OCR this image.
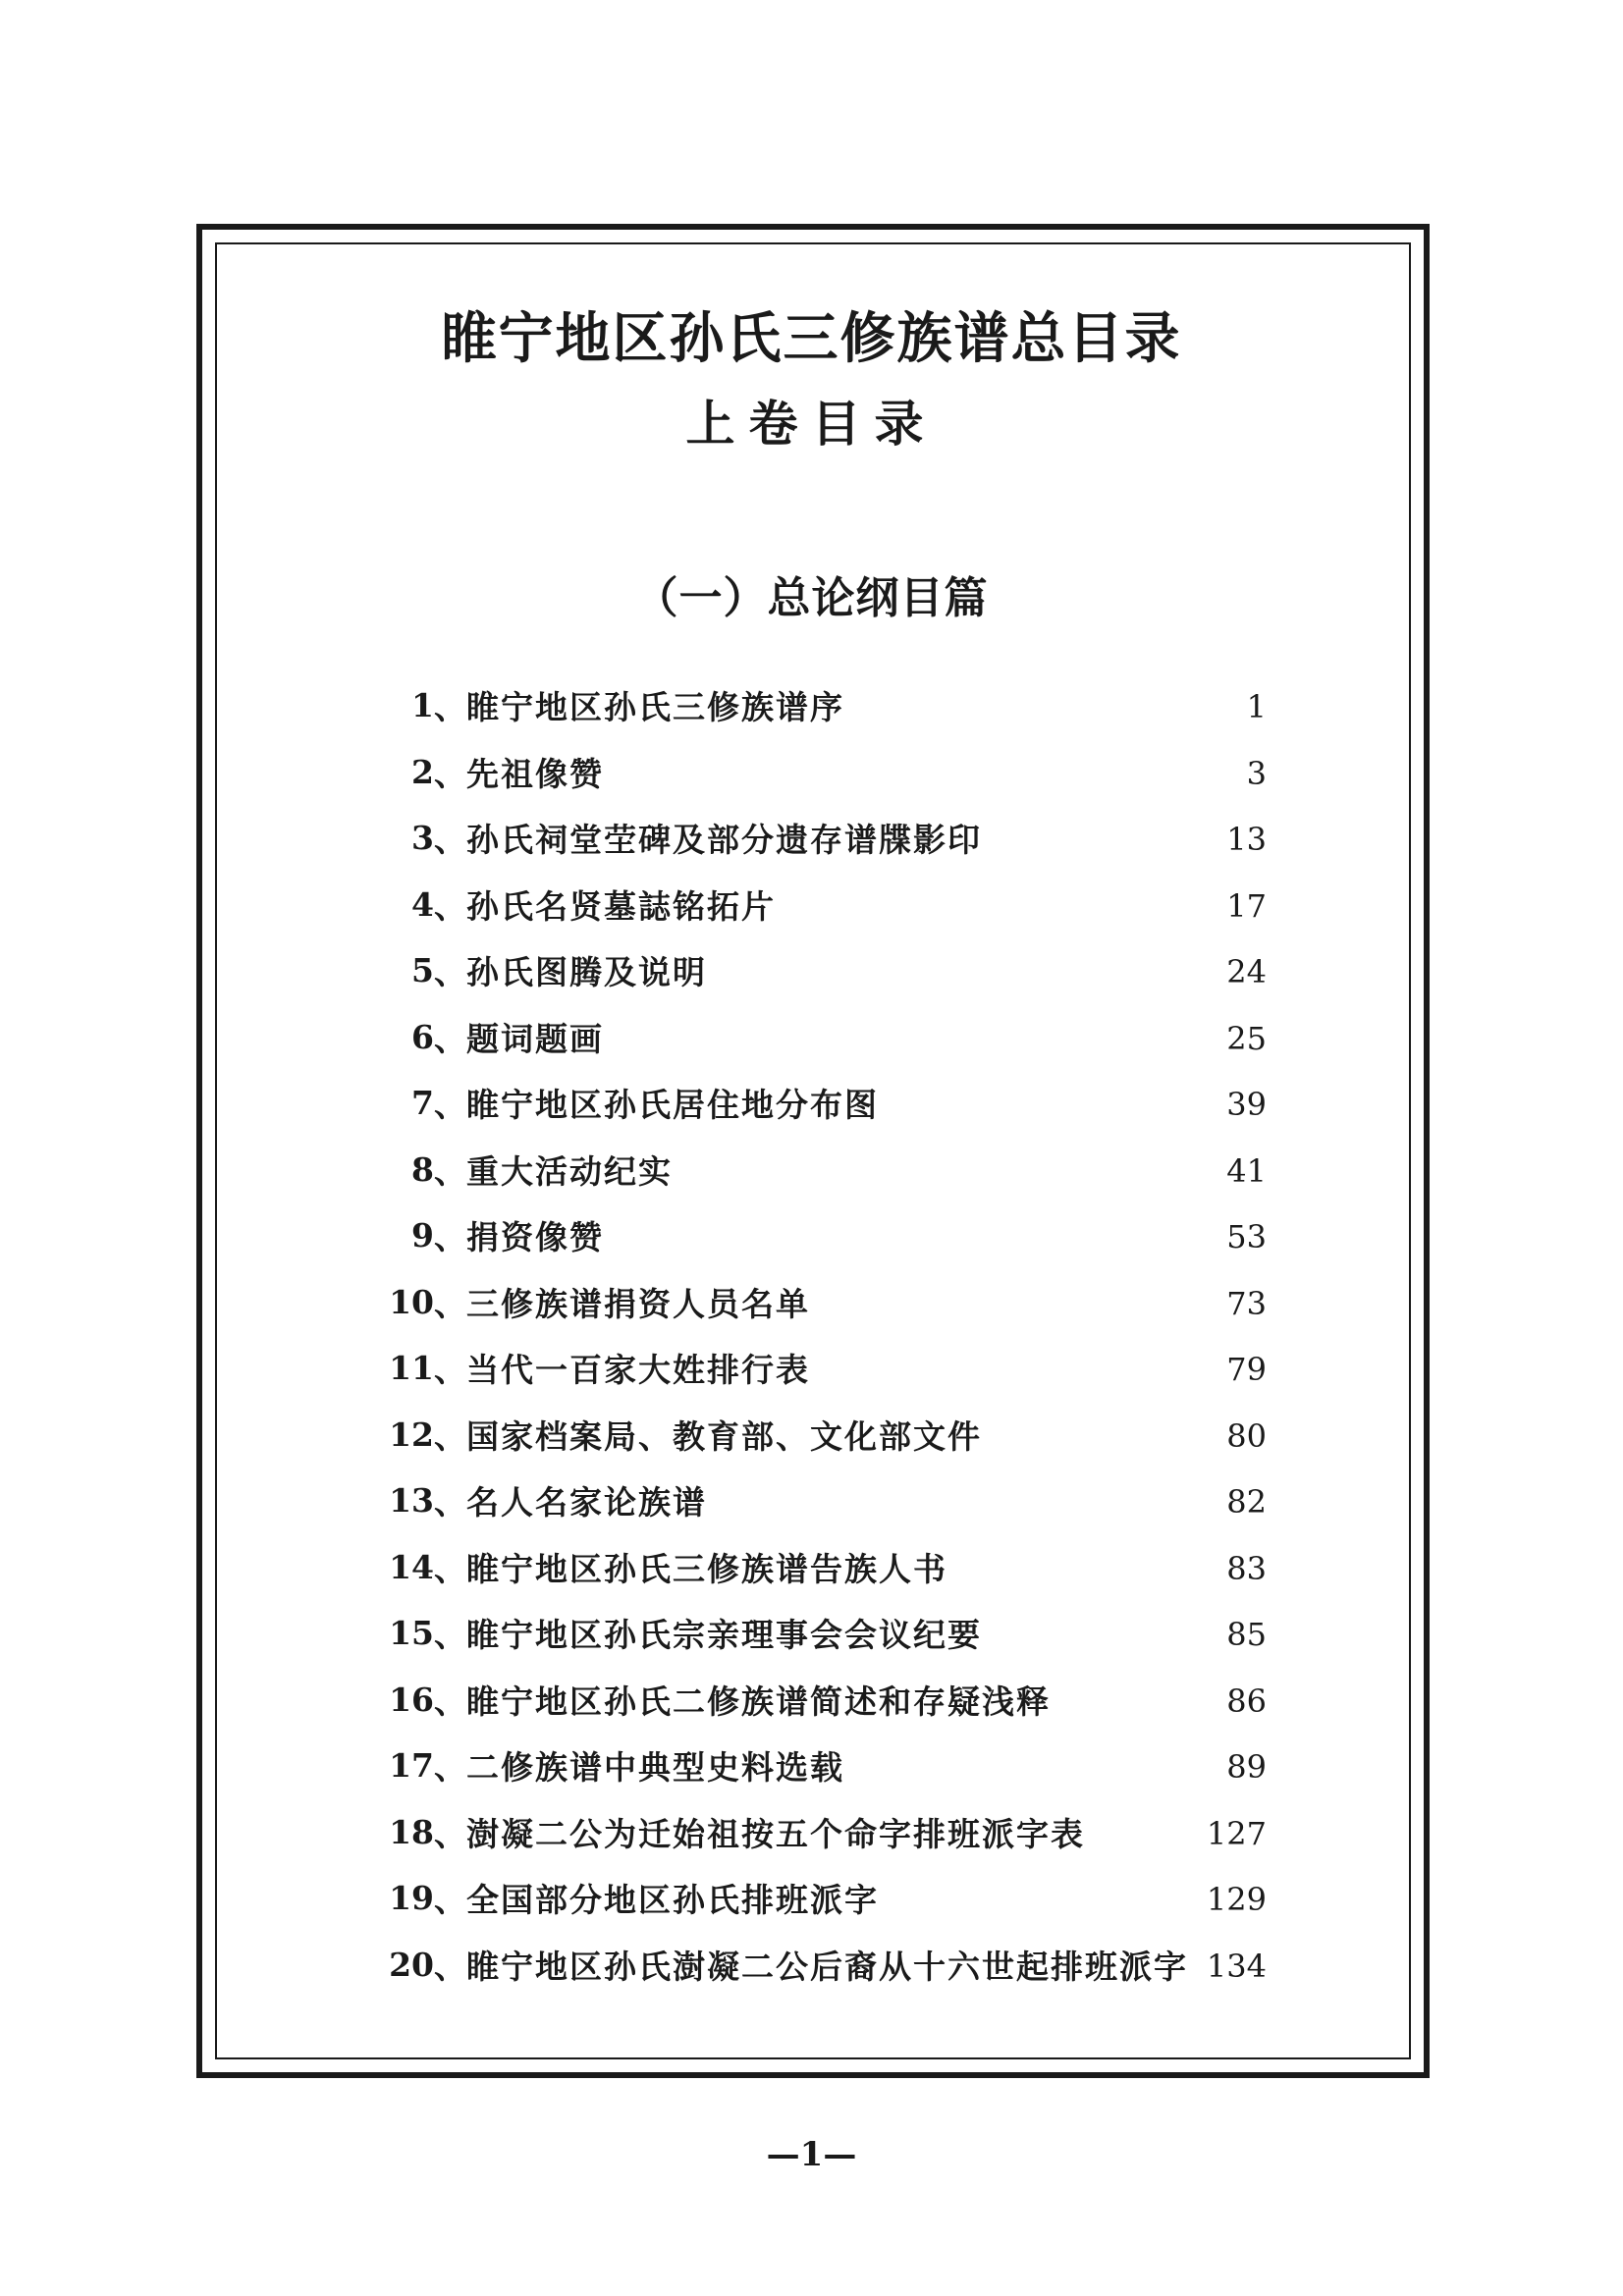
睢宁地区孙氏三修族谱总目录
上卷目录
（一）总论纲目篇
1 、 睢宁地区孙氏三修族谱序	1
2 、 先祖像赞	3
3 、 孙氏祠堂茔碑及部分遗存谱牒影印	13
4 、 孙氏名贤墓誌铭拓片	17
5 、 孙氏图腾及说明	24
6 、 题词题画	25
7 、 睢宁地区孙氏居住地分布图	39
8 、 重大活动纪实	41
9 、 捐资像赞	53
10 、 三修族谱捐资人员名单	73
11 、 当代一百家大姓排行表	79
12 、 国家档案局、教育部、文化部文件	80
13 、 名人名家论族谱	82
14 、 睢宁地区孙氏三修族谱告族人书	83
15 、 睢宁地区孙氏宗亲理事会会议纪要	85
16 、 睢宁地区孙氏二修族谱简述和存疑浅释	86
17 、 二修族谱中典型史料选载	89
18 、 澍凝二公为迁始祖按五个命字排班派字表	127
19 、 全国部分地区孙氏排班派字	129
20 、 睢宁地区孙氏澍凝二公后裔从十六世起排班派字 134
—1—
